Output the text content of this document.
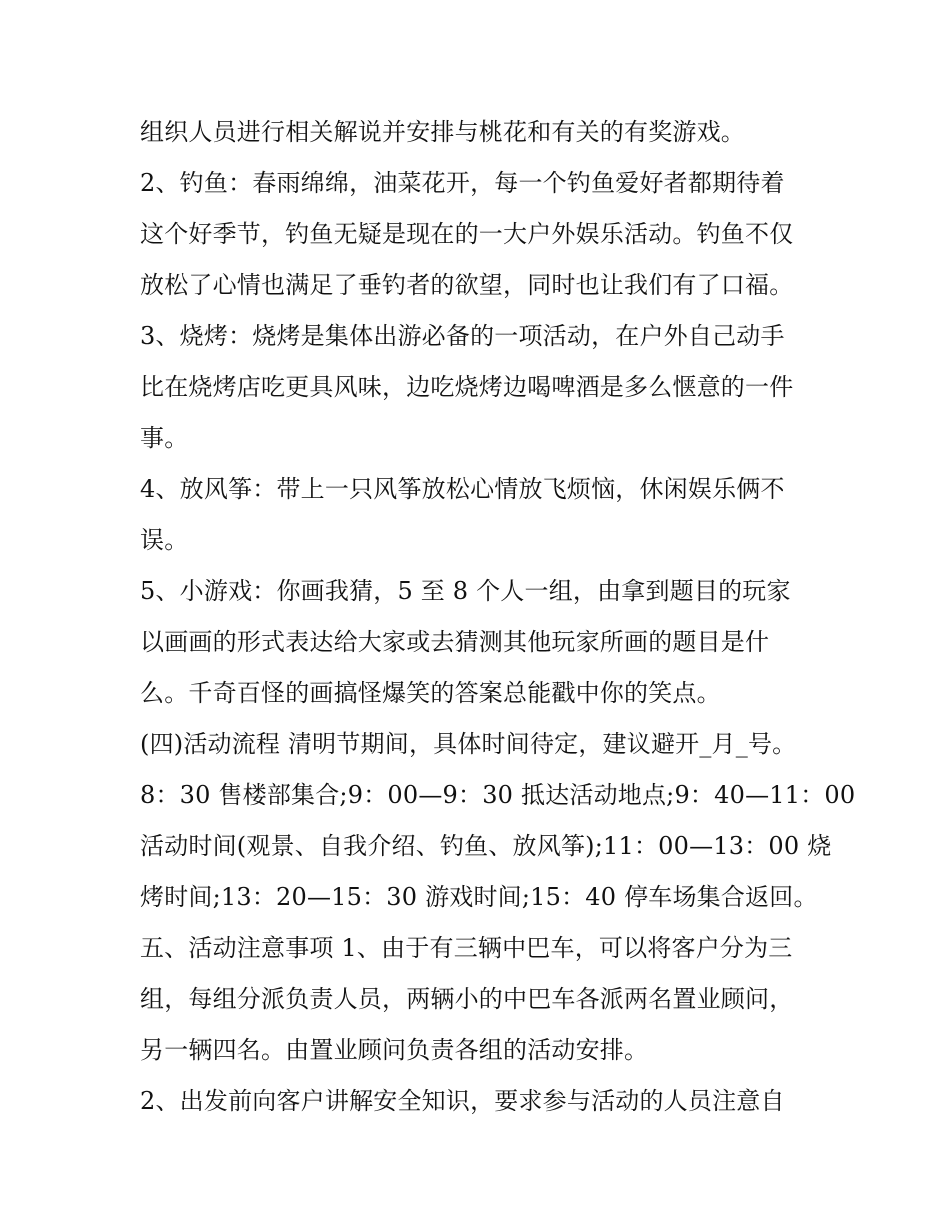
组织人员进行相关解说并安排与桃花和有关的有奖游戏。
2、钓鱼：春雨绵绵，油菜花开，每一个钓鱼爱好者都期待着
这个好季节，钓鱼无疑是现在的一大户外娱乐活动。钓鱼不仅
放松了心情也满足了垂钓者的欲望，同时也让我们有了口福。
3、烧烤：烧烤是集体出游必备的一项活动，在户外自己动手
比在烧烤店吃更具风味，边吃烧烤边喝啤酒是多么惬意的一件
事。
4、放风筝：带上一只风筝放松心情放飞烦恼，休闲娱乐俩不
误。
5、小游戏：你画我猜，5 至 8 个人一组，由拿到题目的玩家
以画画的形式表达给大家或去猜测其他玩家所画的题目是什
么。千奇百怪的画搞怪爆笑的答案总能戳中你的笑点。
(四)活动流程 清明节期间，具体时间待定，建议避开_月_号。
8：30 售楼部集合;9：00—9：30 抵达活动地点;9：40—11：00
活动时间(观景、自我介绍、钓鱼、放风筝);11：00—13：00 烧
烤时间;13：20—15：30 游戏时间;15：40 停车场集合返回。
五、活动注意事项 1、由于有三辆中巴车，可以将客户分为三
组，每组分派负责人员，两辆小的中巴车各派两名置业顾问，
另一辆四名。由置业顾问负责各组的活动安排。
2、出发前向客户讲解安全知识，要求参与活动的人员注意自
